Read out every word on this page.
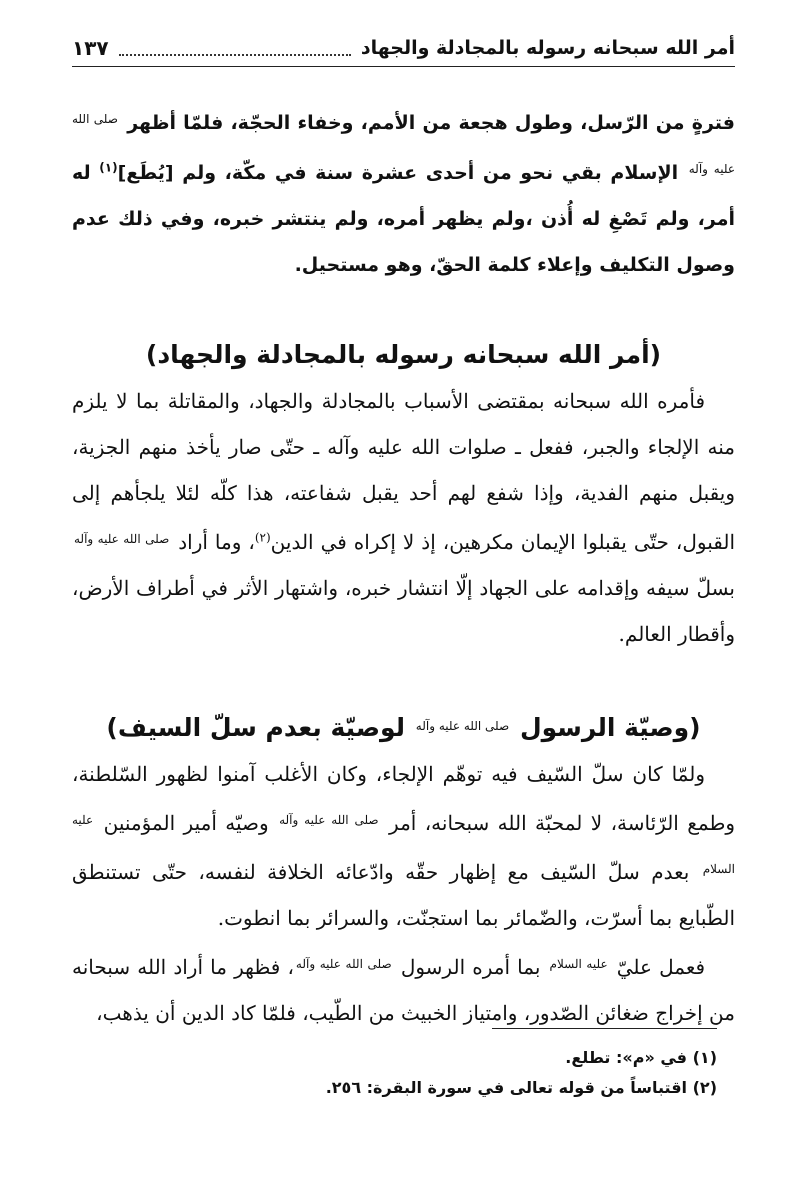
أمر الله سبحانه رسوله بالمجادلة والجهاد
١٣٧

فترةٍ من الرّسل، وطول هجعة من الأمم، وخفاء الحجّة، فلمّا أظهر $^{صلى الله عليه وآله}$ الإسلام بقي نحو من أحدى عشرة سنة في مكّة، ولم [يُطَع]$^{(١)}$ له أمر، ولم تَصْغِ له أُذن ،ولم يظهر أمره، ولم ينتشر خبره، وفي ذلك عدم وصول التكليف وإعلاء كلمة الحقّ، وهو مستحيل.

(أمر الله سبحانه رسوله بالمجادلة والجهاد)

فأمره الله سبحانه بمقتضى الأسباب بالمجادلة والجهاد، والمقاتلة بما لا يلزم منه الإلجاء والجبر، ففعل ـ صلوات الله عليه وآله ـ حتّى صار يأخذ منهم الجزية، ويقبل منهم الفدية، وإذا شفع لهم أحد يقبل شفاعته، هذا كلّه لئلا يلجأهم إلى القبول، حتّى يقبلوا الإيمان مكرهين، إذ لا إكراه في الدين$^{(٢)}$، وما أراد $^{صلى الله عليه وآله}$ بسلّ سيفه وإقدامه على الجهاد إلّا انتشار خبره، واشتهار الأثر في أطراف الأرض، وأقطار العالم.

(وصيّة الرسول $^{صلى الله عليه وآله}$ لوصيّة بعدم سلّ السيف)

ولمّا كان سلّ السّيف فيه توهّم الإلجاء، وكان الأغلب آمنوا لظهور السّلطنة، وطمع الرّئاسة، لا لمحبّة الله سبحانه، أمر $^{صلى الله عليه وآله}$ وصيّه أمير المؤمنين $^{عليه السلام}$ بعدم سلّ السّيف مع إظهار حقّه وادّعائه الخلافة لنفسه، حتّى تستنطق الطّبايع بما أسرّت، والضّمائر بما استجنّت، والسرائر بما انطوت.

فعمل عليّ $^{عليه السلام}$ بما أمره الرسول $^{صلى الله عليه وآله}$، فظهر ما أراد الله سبحانه من إخراج ضغائن الصّدور، وامتياز الخبيث من الطّيب، فلمّا كاد الدين أن يذهب،

(١) في «م»: تطلع.

(٢) اقتباساً من قوله تعالى في سورة البقرة: ٢٥٦.
